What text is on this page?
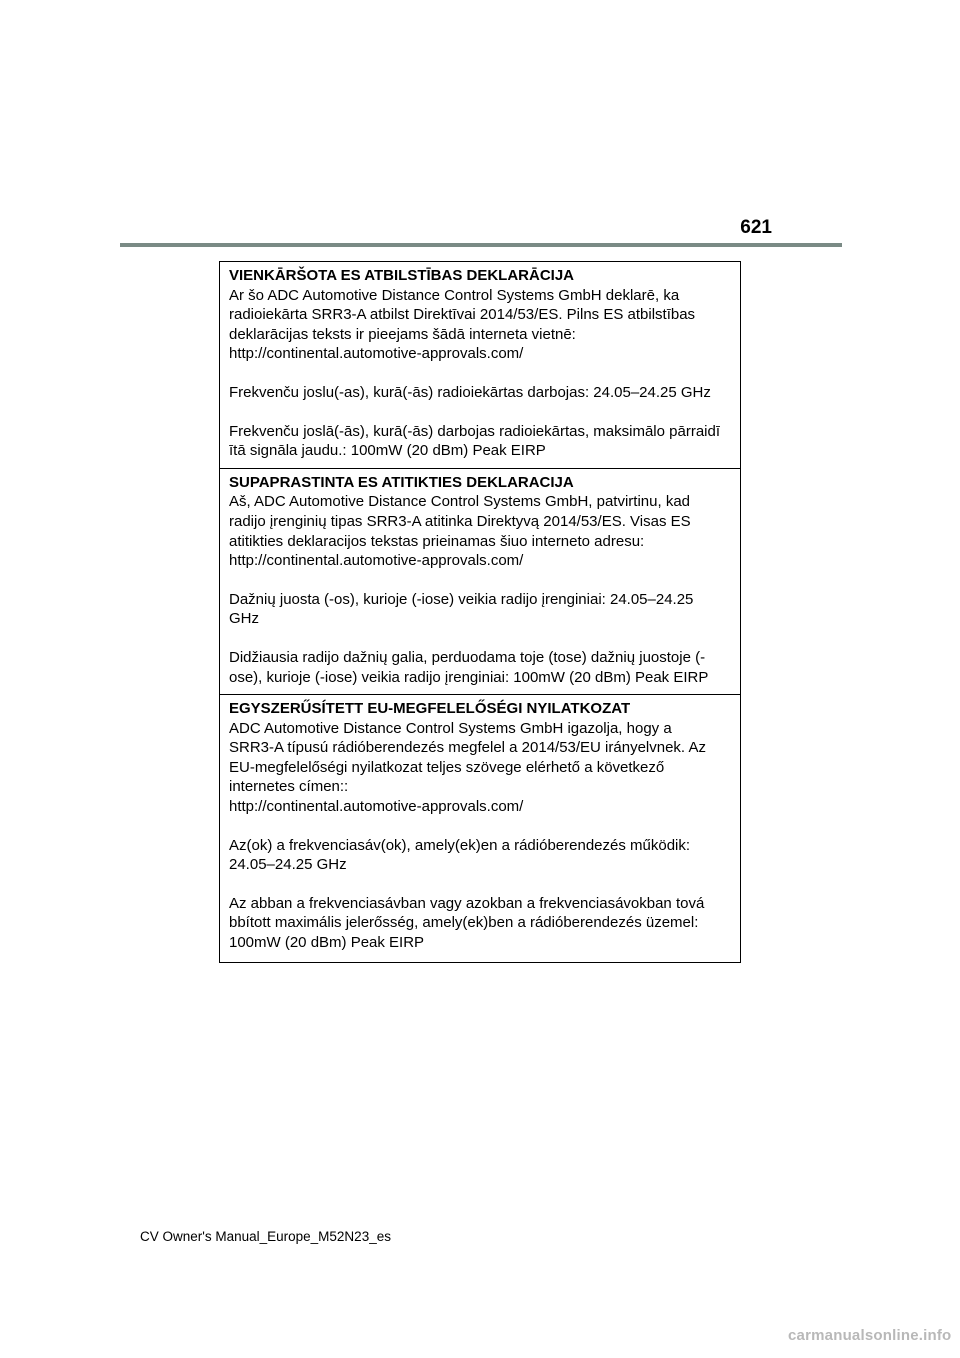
621

VIENKĀRŠOTA ES ATBILSTĪBAS DEKLARĀCIJA

Ar šo ADC Automotive Distance Control Systems GmbH deklarē, ka
radioiekārta SRR3-A atbilst Direktīvai 2014/53/ES. Pilns ES atbilstības
deklarācijas teksts ir pieejams šādā interneta vietnē:
http://continental.automotive-approvals.com/

Frekvenču joslu(-as), kurā(-ās) radioiekārtas darbojas: 24.05–24.25 GHz

Frekvenču joslā(-ās), kurā(-ās) darbojas radioiekārtas, maksimālo pārraidī
ītā signāla jaudu.: 100mW (20 dBm) Peak EIRP

SUPAPRASTINTA ES ATITIKTIES DEKLARACIJA

Aš, ADC Automotive Distance Control Systems GmbH, patvirtinu, kad
radijo įrenginių tipas SRR3-A atitinka Direktyvą 2014/53/ES. Visas ES
atitikties deklaracijos tekstas prieinamas šiuo interneto adresu:
http://continental.automotive-approvals.com/

Dažnių juosta (-os), kurioje (-iose) veikia radijo įrenginiai: 24.05–24.25
GHz

Didžiausia radijo dažnių galia, perduodama toje (tose) dažnių juostoje (-
ose), kurioje (-iose) veikia radijo įrenginiai: 100mW (20 dBm) Peak EIRP

EGYSZERŰSÍTETT EU-MEGFELELŐSÉGI NYILATKOZAT

ADC Automotive Distance Control Systems GmbH igazolja, hogy a
SRR3-A típusú rádióberendezés megfelel a 2014/53/EU irányelvnek. Az
EU-megfelelőségi nyilatkozat teljes szövege elérhető a következő
internetes címen::
http://continental.automotive-approvals.com/

Az(ok) a frekvenciasáv(ok), amely(ek)en a rádióberendezés működik:
24.05–24.25 GHz

Az abban a frekvenciasávban vagy azokban a frekvenciasávokban tová
bbított maximális jelerősség, amely(ek)ben a rádióberendezés üzemel:
100mW (20 dBm) Peak EIRP

CV Owner's Manual_Europe_M52N23_es
carmanualsonline.info
